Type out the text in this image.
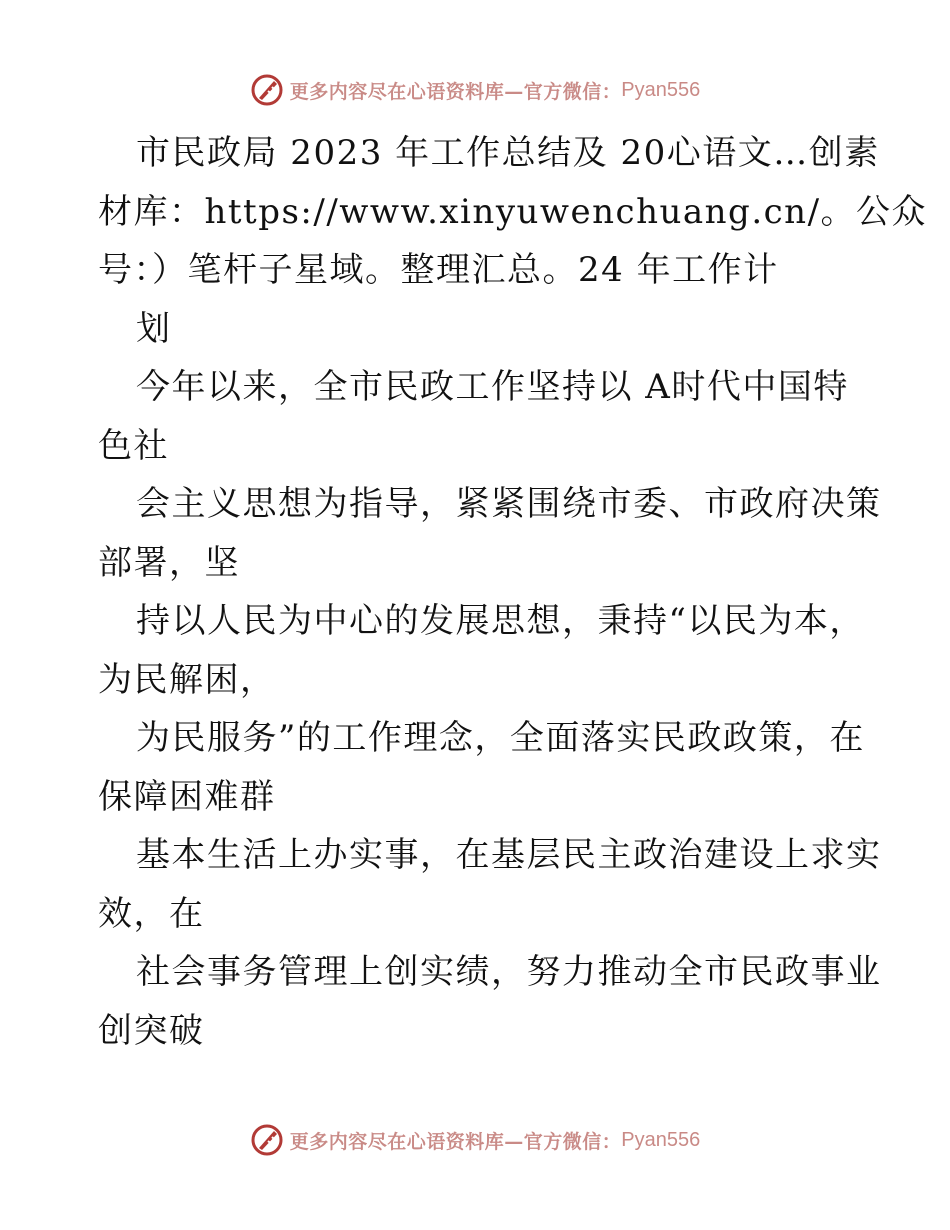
更多内容尽在心语资料库—官方微信： Pyan556
市民政局 2023 年工作总结及 20心语文…创素
材库：https://www.xinyuwenchuang.cn/。公众
号：）笔杆子星域。整理汇总。24 年工作计
划
今年以来，全市民政工作坚持以 A时代中国特
色社
会主义思想为指导，紧紧围绕市委、市政府决策
部署，坚
持以人民为中心的发展思想，秉持“以民为本，
为民解困，
为民服务”的工作理念，全面落实民政政策，在
保障困难群
基本生活上办实事，在基层民主政治建设上求实
效，在
社会事务管理上创实绩，努力推动全市民政事业
创突破
更多内容尽在心语资料库—官方微信： Pyan556
